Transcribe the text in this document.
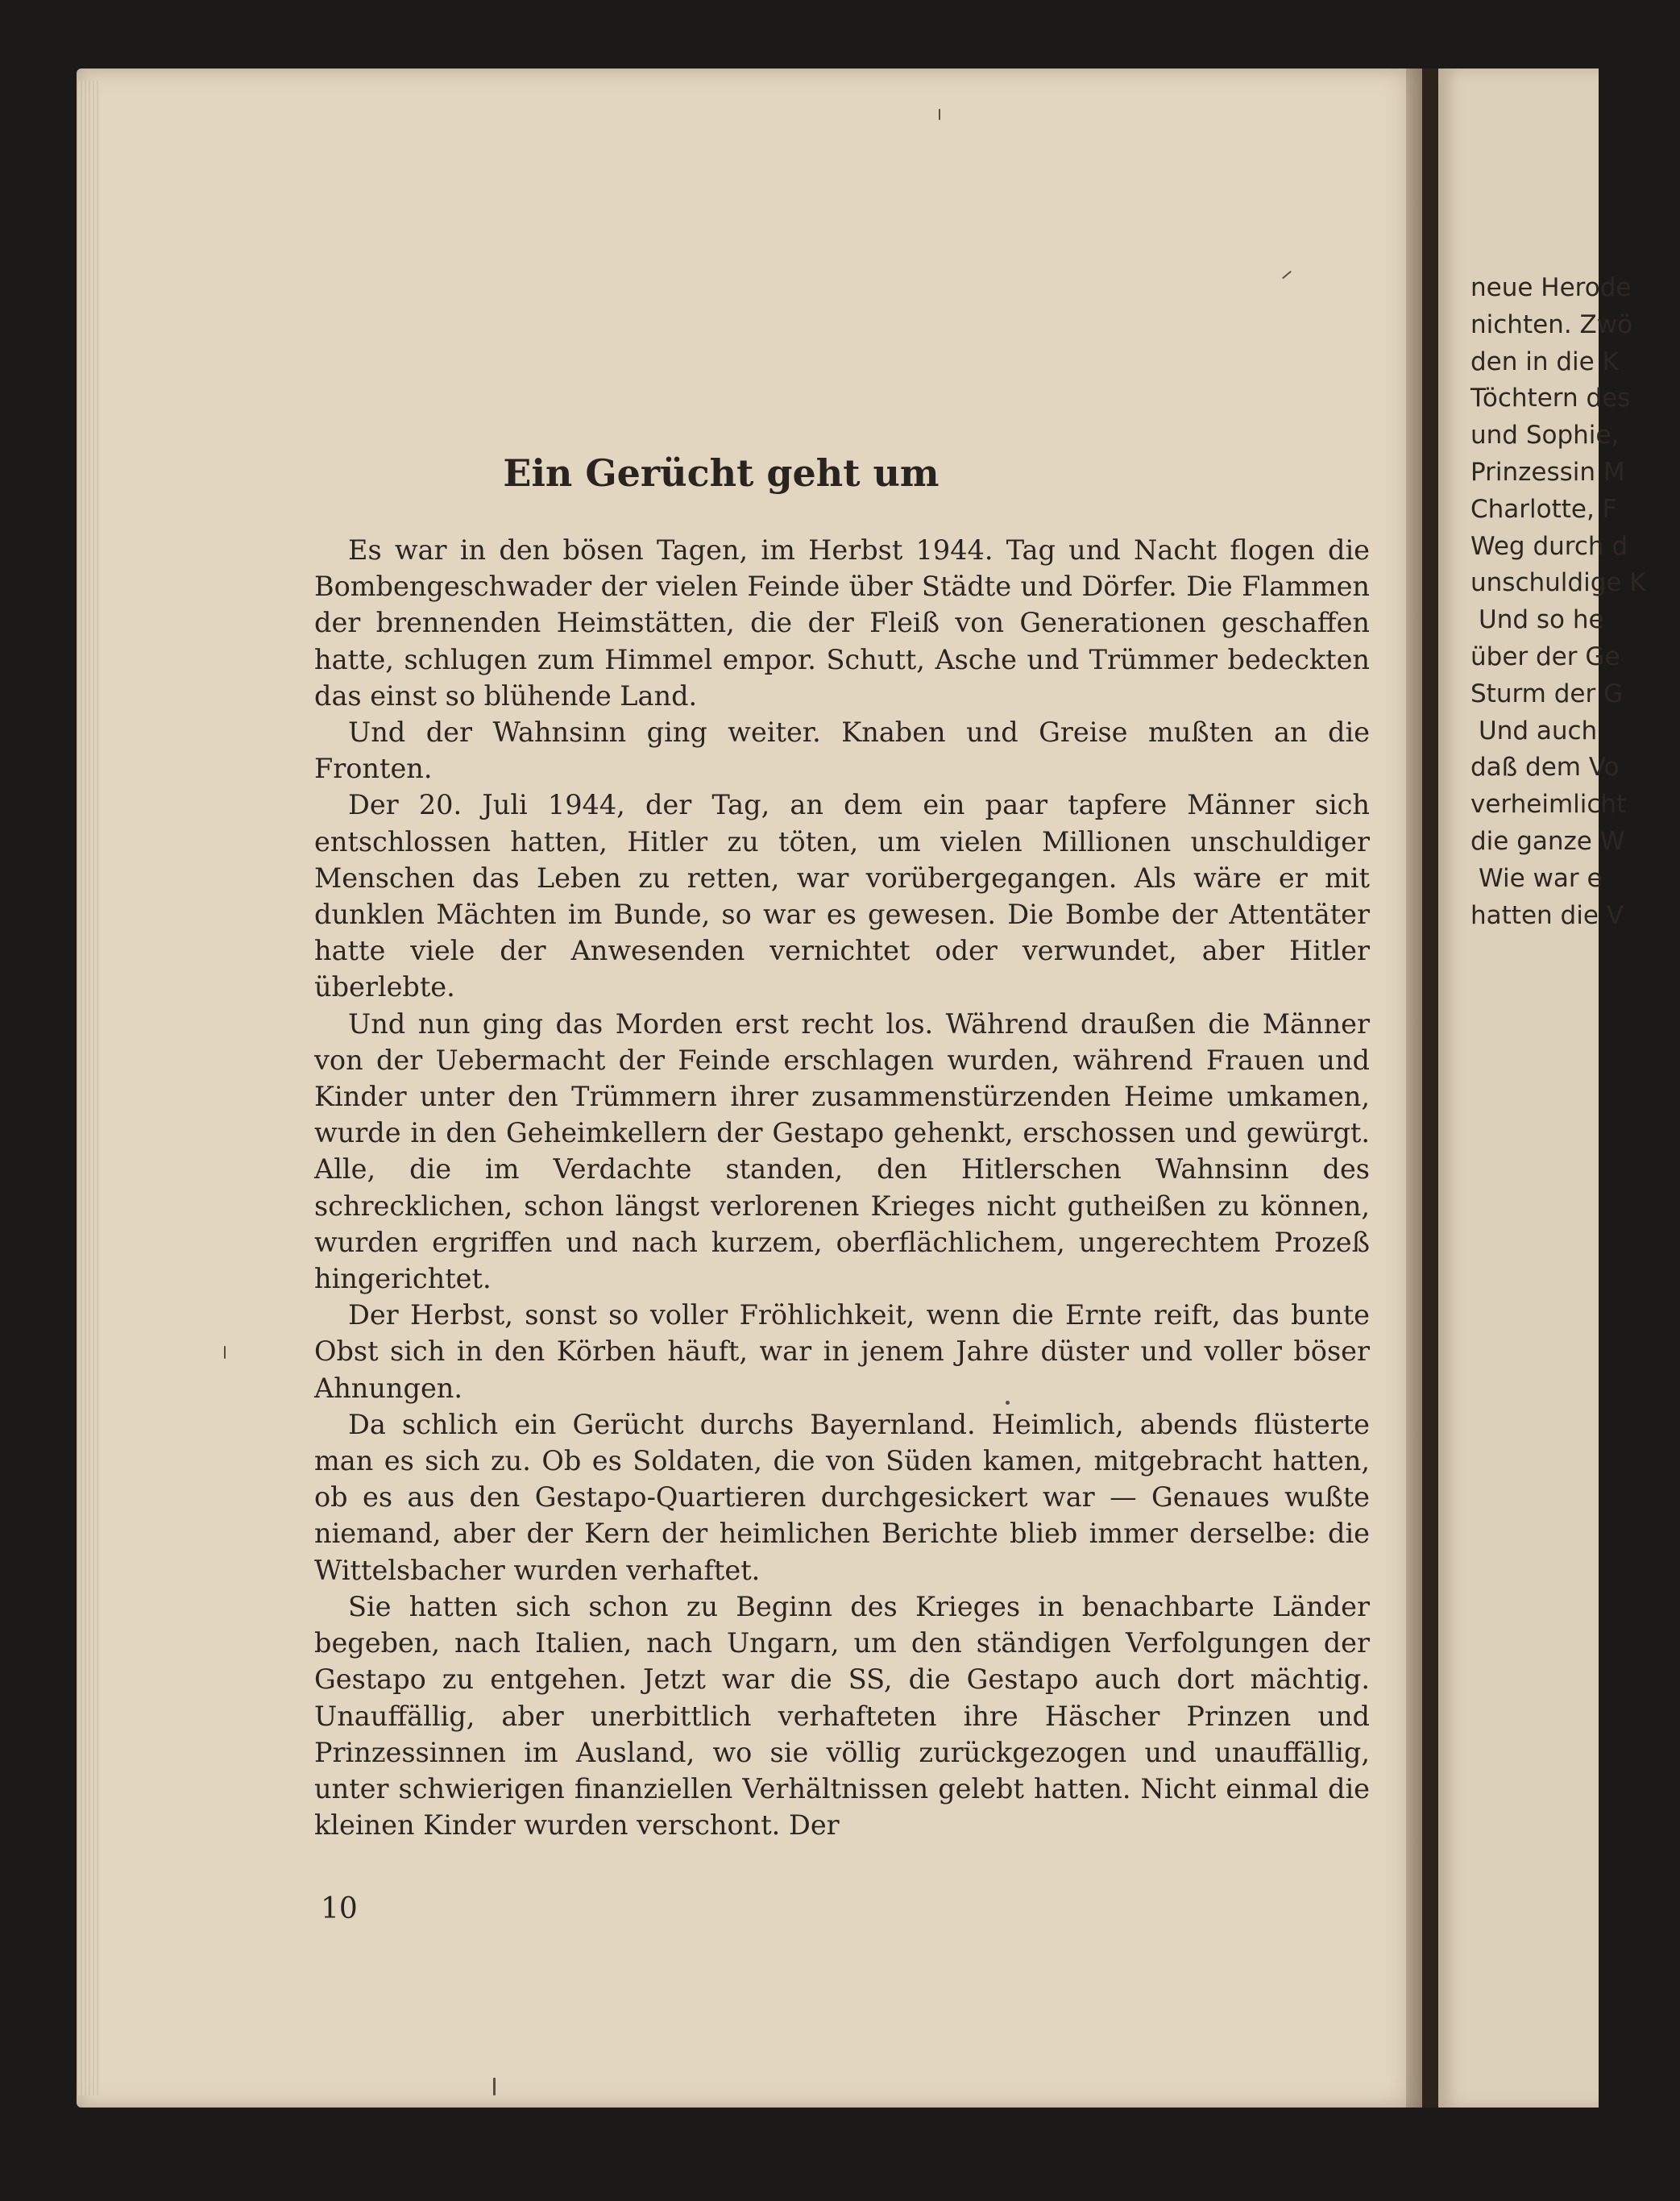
neue Herode
nichten. Zwö
den in die K
Töchtern des
und Sophie,
Prinzessin M
Charlotte, F
Weg durch d
unschuldige K
Und so he
über der Ge
Sturm der G
Und auch
daß dem Vo
verheimlicht
die ganze W
Wie war e
hatten die V
Ein Gerücht geht um

Es war in den bösen Tagen, im Herbst 1944. Tag und Nacht flogen die Bombengeschwader der vielen Feinde über Städte und Dörfer. Die Flammen der brennenden Heimstätten, die der Fleiß von Generationen geschaffen hatte, schlugen zum Himmel empor. Schutt, Asche und Trümmer bedeckten das einst so blühende Land.

Und der Wahnsinn ging weiter. Knaben und Greise mußten an die Fronten.

Der 20. Juli 1944, der Tag, an dem ein paar tapfere Männer sich entschlossen hatten, Hitler zu töten, um vielen Millionen unschuldiger Menschen das Leben zu retten, war vorübergegangen. Als wäre er mit dunklen Mächten im Bunde, so war es gewesen. Die Bombe der Attentäter hatte viele der Anwesenden vernichtet oder verwundet, aber Hitler überlebte.

Und nun ging das Morden erst recht los. Während draußen die Männer von der Uebermacht der Feinde erschlagen wurden, während Frauen und Kinder unter den Trümmern ihrer zusammenstürzenden Heime umkamen, wurde in den Geheimkellern der Gestapo gehenkt, erschossen und gewürgt. Alle, die im Verdachte standen, den Hitlerschen Wahnsinn des schrecklichen, schon längst verlorenen Krieges nicht gutheißen zu können, wurden ergriffen und nach kurzem, oberflächlichem, ungerechtem Prozeß hingerichtet.

Der Herbst, sonst so voller Fröhlichkeit, wenn die Ernte reift, das bunte Obst sich in den Körben häuft, war in jenem Jahre düster und voller böser Ahnungen.

Da schlich ein Gerücht durchs Bayernland. Heimlich, abends flüsterte man es sich zu. Ob es Soldaten, die von Süden kamen, mitgebracht hatten, ob es aus den Gestapo-Quartieren durchgesickert war — Genaues wußte niemand, aber der Kern der heimlichen Berichte blieb immer derselbe: die Wittelsbacher wurden verhaftet.

Sie hatten sich schon zu Beginn des Krieges in benachbarte Länder begeben, nach Italien, nach Ungarn, um den ständigen Verfolgungen der Gestapo zu entgehen. Jetzt war die SS, die Gestapo auch dort mächtig. Unauffällig, aber unerbittlich verhafteten ihre Häscher Prinzen und Prinzessinnen im Ausland, wo sie völlig zurückgezogen und unauffällig, unter schwierigen finanziellen Verhältnissen gelebt hatten. Nicht einmal die kleinen Kinder wurden verschont. Der

10
